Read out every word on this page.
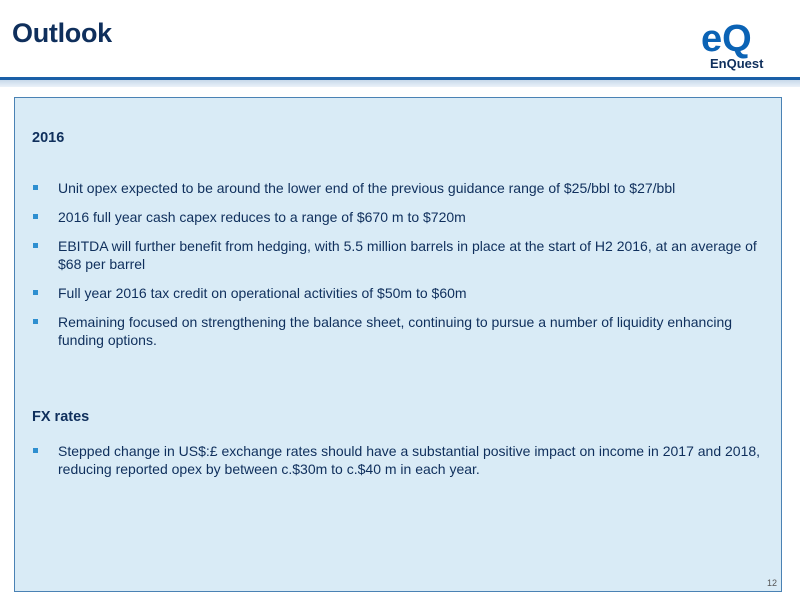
Outlook	eQ
EnQuest
2016
Unit opex expected to be around the lower end of the previous guidance range of $25/bbl to $27/bbl
2016 full year cash capex reduces to a range of $670 m to $720m
EBITDA will further benefit from hedging, with 5.5 million barrels in place at the start of H2 2016, at an average of $68 per barrel
Full year 2016 tax credit on operational activities of $50m to $60m
Remaining focused on strengthening the balance sheet, continuing to pursue a number of liquidity enhancing funding options.
FX rates
Stepped change in US$:£ exchange rates should have a substantial positive impact on income in 2017 and 2018, reducing reported opex by between c.$30m to c.$40 m in each year.
12
